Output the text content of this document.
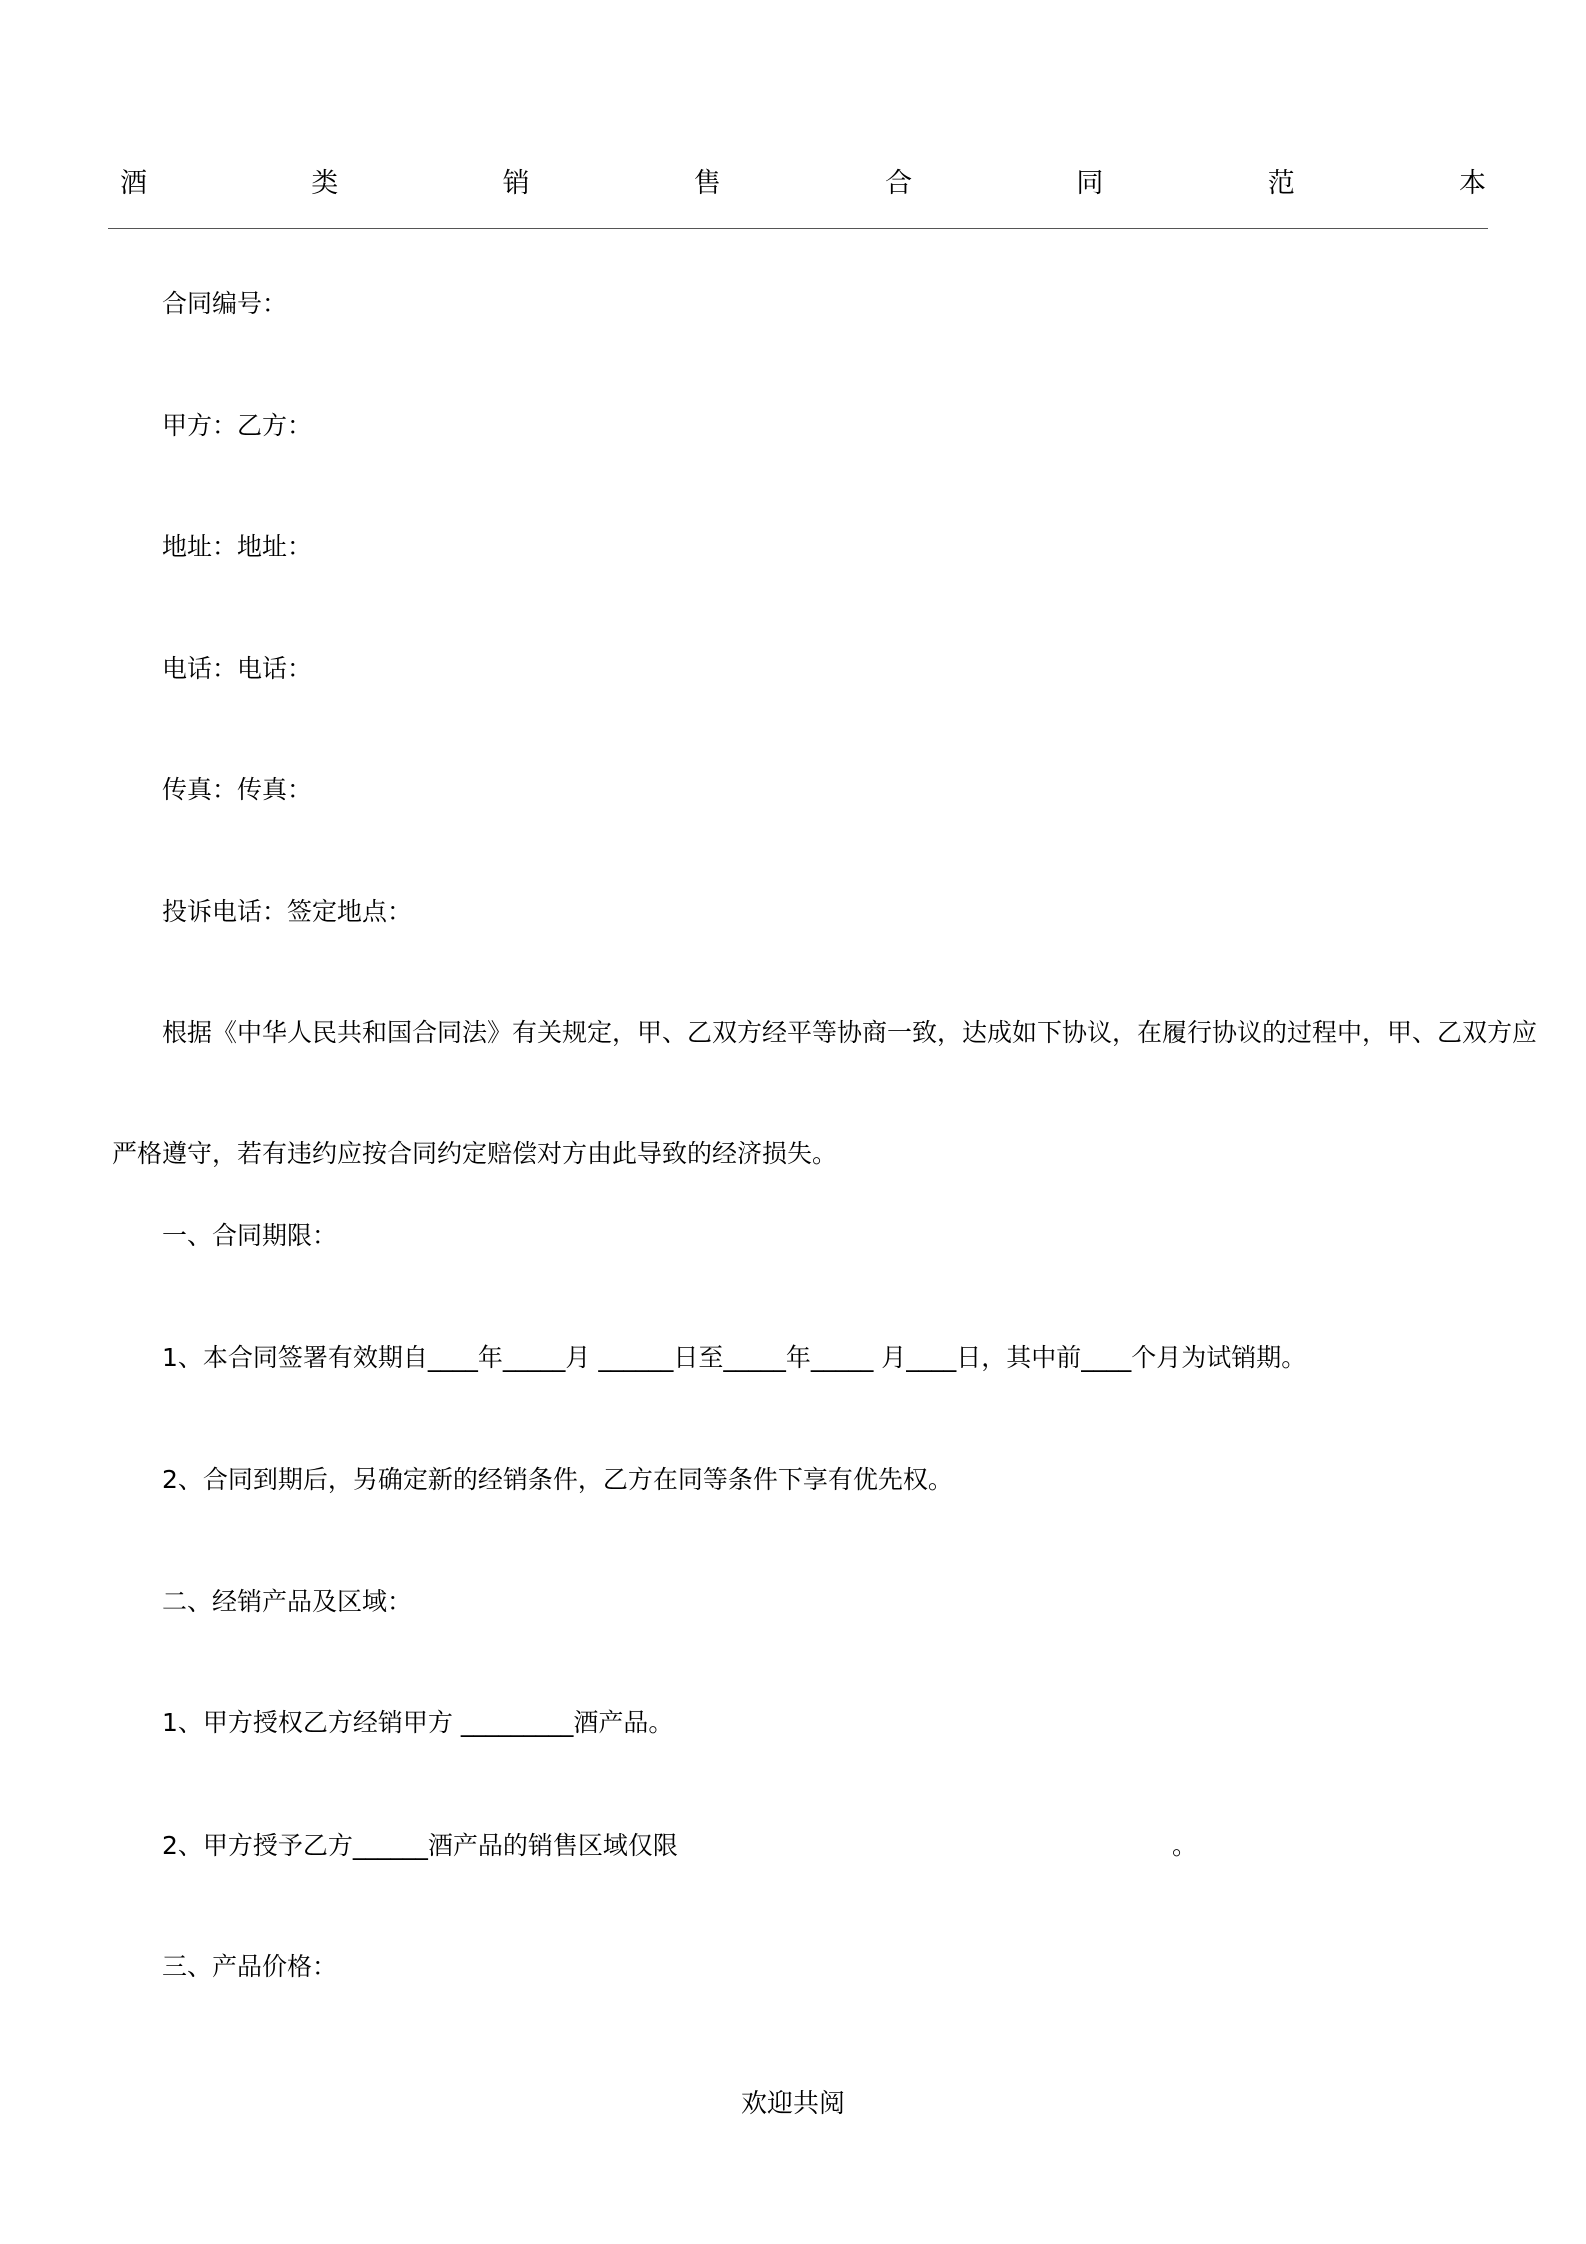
酒	类	销	售	合	同	范	本
合同编号：
甲方：乙方：
地址：地址：
电话：电话：
传真：传真：
投诉电话：签定地点：
根据《中华人民共和国合同法》有关规定，甲、乙双方经平等协商一致，达成如下协议，在履行协议的过程中，甲、乙双方应
严格遵守，若有违约应按合同约定赔偿对方由此导致的经济损失。
一、合同期限：
1、本合同签署有效期自____年_____月 ______日至_____年_____ 月____日，其中前____个月为试销期。
2、合同到期后，另确定新的经销条件，乙方在同等条件下享有优先权。
二、经销产品及区域：
1、甲方授权乙方经销甲方 _________酒产品。
2、甲方授予乙方______酒产品的销售区域仅限	。
三、产品价格：
欢迎共阅
